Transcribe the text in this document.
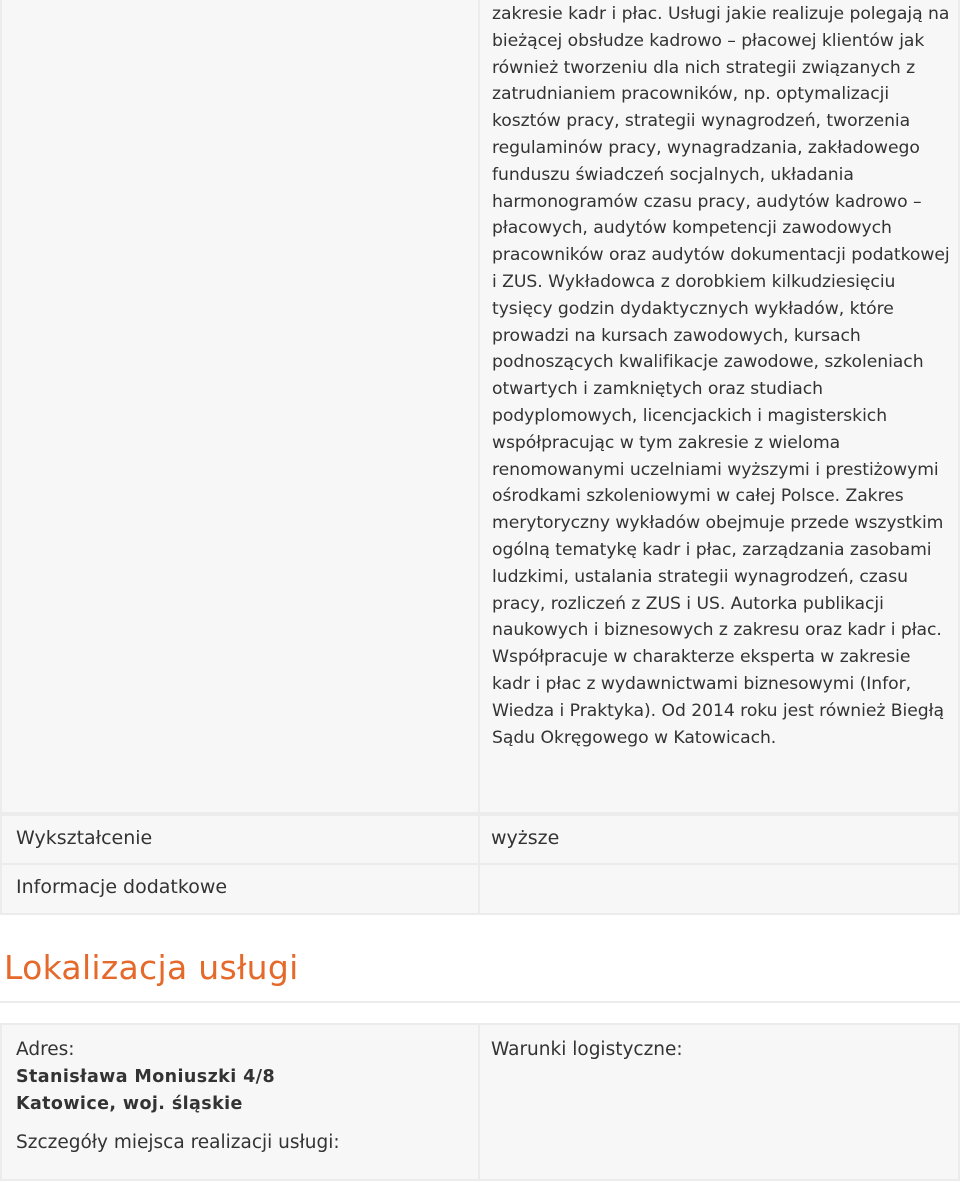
zakresie kadr i płac. Usługi jakie realizuje polegają na bieżącej obsłudze kadrowo – płacowej klientów jak również tworzeniu dla nich strategii związanych z zatrudnianiem pracowników, np. optymalizacji kosztów pracy, strategii wynagrodzeń, tworzenia regulaminów pracy, wynagradzania, zakładowego funduszu świadczeń socjalnych, układania harmonogramów czasu pracy, audytów kadrowo – płacowych, audytów kompetencji zawodowych pracowników oraz audytów dokumentacji podatkowej i ZUS. Wykładowca z dorobkiem kilkudziesięciu tysięcy godzin dydaktycznych wykładów, które prowadzi na kursach zawodowych, kursach podnoszących kwalifikacje zawodowe, szkoleniach otwartych i zamkniętych oraz studiach podyplomowych, licencjackich i magisterskich współpracując w tym zakresie z wieloma renomowanymi uczelniami wyższymi i prestiżowymi ośrodkami szkoleniowymi w całej Polsce. Zakres merytoryczny wykładów obejmuje przede wszystkim ogólną tematykę kadr i płac, zarządzania zasobami ludzkimi, ustalania strategii wynagrodzeń, czasu pracy, rozliczeń z ZUS i US. Autorka publikacji naukowych i biznesowych z zakresu oraz kadr i płac. Współpracuje w charakterze eksperta w zakresie kadr i płac z wydawnictwami biznesowymi (Infor, Wiedza i Praktyka). Od 2014 roku jest również Biegłą Sądu Okręgowego w Katowicach.
Wykształcenie	wyższe
Informacje dodatkowe
Lokalizacja usługi
Adres:
Stanisława Moniuszki 4/8
Katowice, woj. śląskie
Szczegóły miejsca realizacji usługi:
Warunki logistyczne:
